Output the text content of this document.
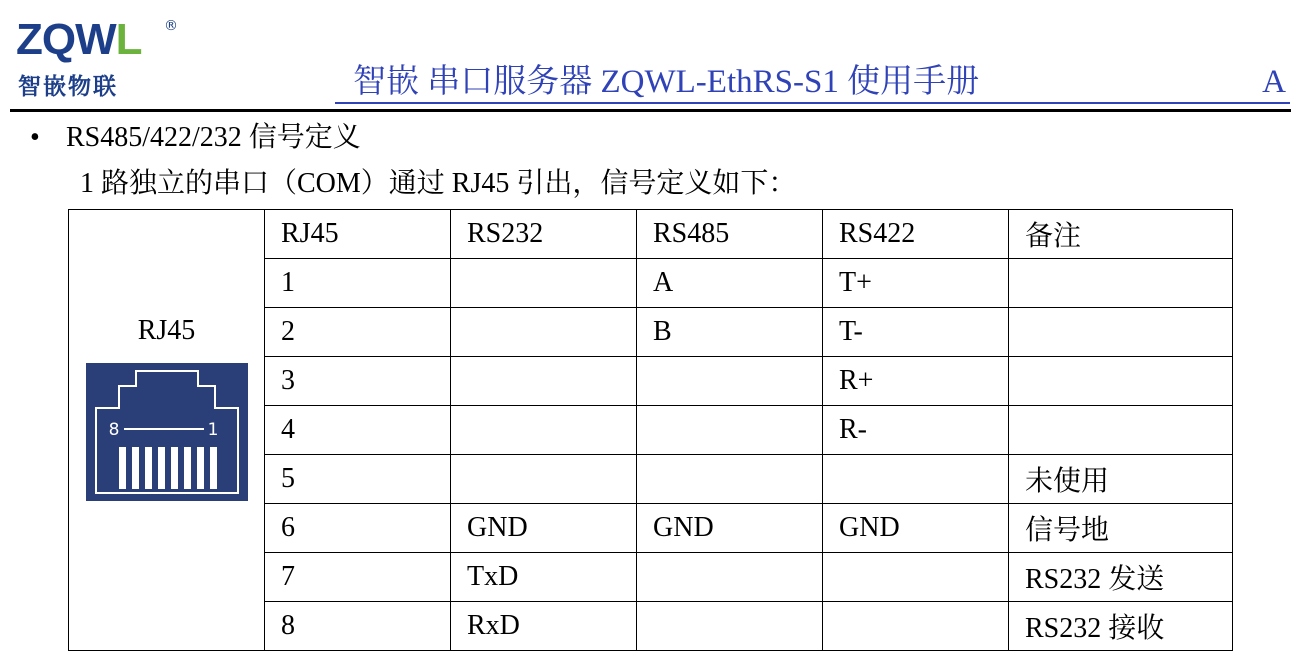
ZQWL ®
智嵌物联	智嵌 串口服务器 ZQWL-EthRS-S1 使用手册	A
• RS485/422/232 信号定义
1 路独立的串口（COM）通过 RJ45 引出，信号定义如下：
RJ45
8 1	RJ45	RS232	RS485	RS422	备注
	1		A	T+	
	2		B	T-	
	3			R+	
	4			R-	
	5				未使用
	6	GND	GND	GND	信号地
	7	TxD			RS232 发送
	8	RxD			RS232 接收
